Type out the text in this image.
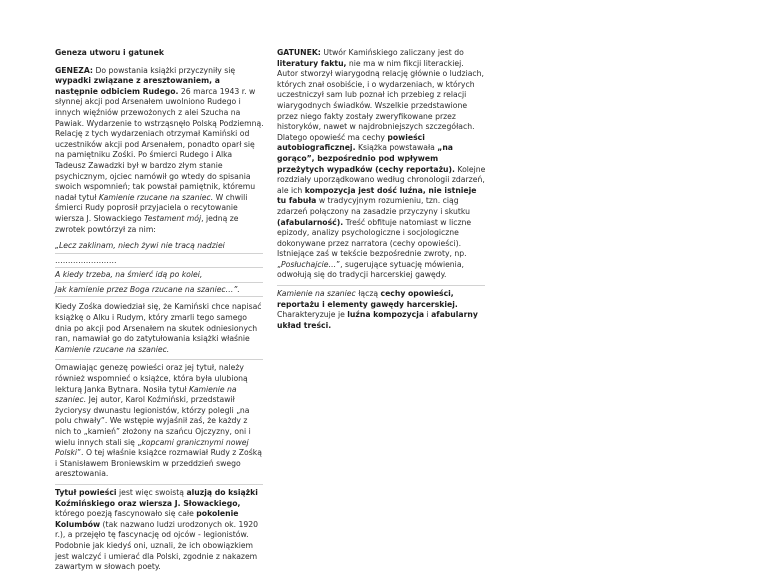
Geneza utworu i gatunek

GENEZA: Do powstania książki przyczyniły się wypadki związane z aresztowaniem, a następnie odbiciem Rudego. 26 marca 1943 r. w słynnej akcji pod Arsenałem uwolniono Rudego i innych więźniów przewożonych z alei Szucha na Pawiak. Wydarzenie to wstrząsnęło Polską Podziemną. Relację z tych wydarzeniach otrzymał Kamiński od uczestników akcji pod Arsenałem, ponadto oparł się na pamiętniku Zośki. Po śmierci Rudego i Alka Tadeusz Zawadzki był w bardzo złym stanie psychicznym, ojciec namówił go wtedy do spisania swoich wspomnień; tak powstał pamiętnik, któremu nadał tytuł Kamienie rzucane na szaniec. W chwili śmierci Rudy poprosił przyjaciela o recytowanie wiersza J. Słowackiego Testament mój, jedną ze zwrotek powtórzył za nim:

„Lecz zaklinam, niech żywi nie tracą nadziei

……………………

A kiedy trzeba, na śmierć idą po kolei,

Jak kamienie przez Boga rzucane na szaniec…”.

Kiedy Zośka dowiedział się, że Kamiński chce napisać książkę o Alku i Rudym, który zmarli tego samego dnia po akcji pod Arsenałem na skutek odniesionych ran, namawiał go do zatytułowania książki właśnie Kamienie rzucane na szaniec.

Omawiając genezę powieści oraz jej tytuł, należy również wspomnieć o książce, która była ulubioną lekturą Janka Bytnara. Nosiła tytuł Kamienie na szaniec. Jej autor, Karol Koźmiński, przedstawił życiorysy dwunastu legionistów, którzy polegli „na polu chwały”. We wstępie wyjaśnił zaś, że każdy z nich to „kamień” złożony na szańcu Ojczyzny, oni i wielu innych stali się „kopcami granicznymi nowej Polski”. O tej właśnie książce rozmawiał Rudy z Zośką i Stanisławem Broniewskim w przeddzień swego aresztowania.

Tytuł powieści jest więc swoistą aluzją do książki Koźmińskiego oraz wiersza J. Słowackiego, którego poezją fascynowało się całe pokolenie Kolumbów (tak nazwano ludzi urodzonych ok. 1920 r.), a przejęło tę fascynację od ojców - legionistów. Podobnie jak kiedyś oni, uznali, że ich obowiązkiem jest walczyć i umierać dla Polski, zgodnie z nakazem zawartym w słowach poety.

GATUNEK: Utwór Kamińskiego zaliczany jest do literatury faktu, nie ma w nim fikcji literackiej. Autor stworzył wiarygodną relację głównie o ludziach, których znał osobiście, i o wydarzeniach, w których uczestniczył sam lub poznał ich przebieg z relacji wiarygodnych świadków. Wszelkie przedstawione przez niego fakty zostały zweryfikowane przez historyków, nawet w najdrobniejszych szczegółach. Dlatego opowieść ma cechy powieści autobiograficznej. Książka powstawała „na gorąco”, bezpośrednio pod wpływem przeżytych wypadków (cechy reportażu). Kolejne rozdziały uporządkowano według chronologii zdarzeń, ale ich kompozycja jest dość luźna, nie istnieje tu fabuła w tradycyjnym rozumieniu, tzn. ciąg zdarzeń połączony na zasadzie przyczyny i skutku (afabularność). Treść obfituje natomiast w liczne epizody, analizy psychologiczne i socjologiczne dokonywane przez narratora (cechy opowieści). Istniejące zaś w tekście bezpośrednie zwroty, np. „Posłuchajcie…”, sugerujące sytuację mówienia, odwołują się do tradycji harcerskiej gawędy.

Kamienie na szaniec łączą cechy opowieści, reportażu i elementy gawędy harcerskiej. Charakteryzuje je luźna kompozycja i afabularny układ treści.
